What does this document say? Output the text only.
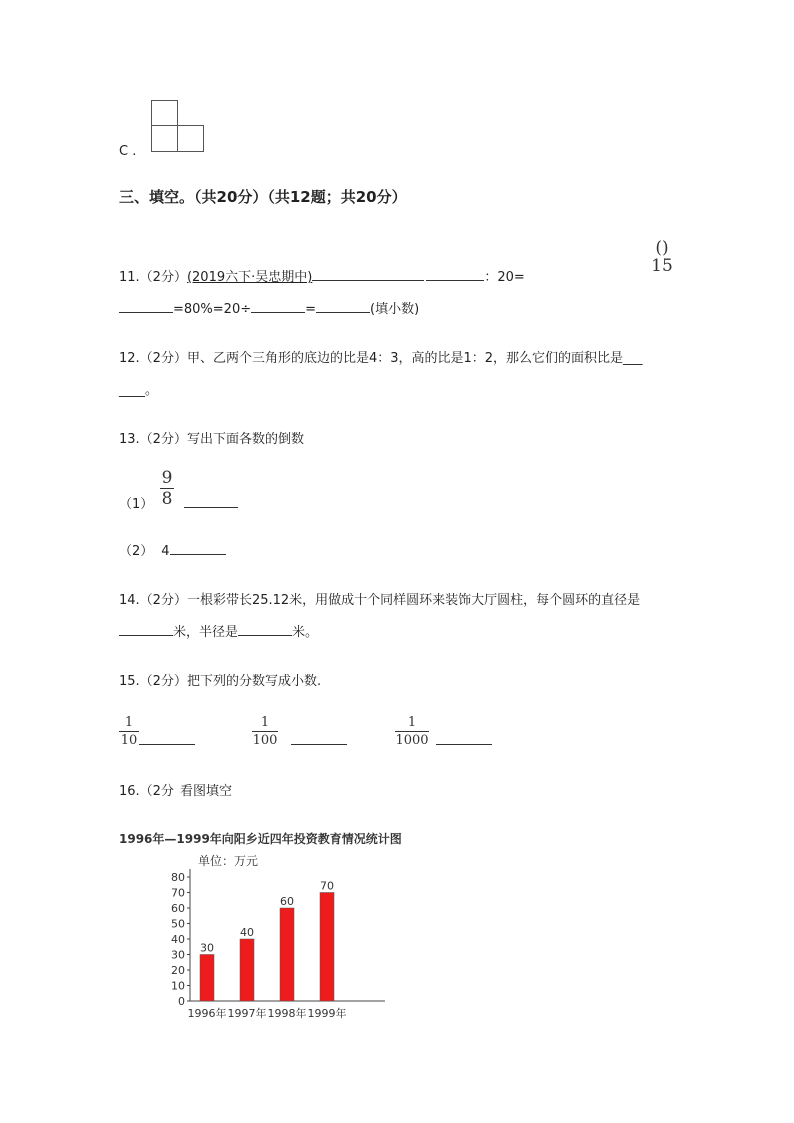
C .
三、填空。（共20分）（共12题；共20分）
11.（2分）(2019六下·吴忠期中)	：20=
()
15
=80%=20÷	=	(填小数)
12.（2分）甲、乙两个三角形的底边的比是4：3，高的比是1：2，那么它们的面积比是___
____。
13.（2分）写出下面各数的倒数
（1）
9
8
（2） 4
14.（2分）一根彩带长25.12米，用做成十个同样圆环来装饰大厅圆柱，每个圆环的直径是
米，半径是	米。
15.（2分）把下列的分数写成小数.
1
10
1
100
1
1000
16.（2分 看图填空
1996年—1999年向阳乡近四年投资教育情况统计图
单位：万元
0
10
20
30
40
50
60
70
80
30
40
60
70
1996年 1997年 1998年 1999年
